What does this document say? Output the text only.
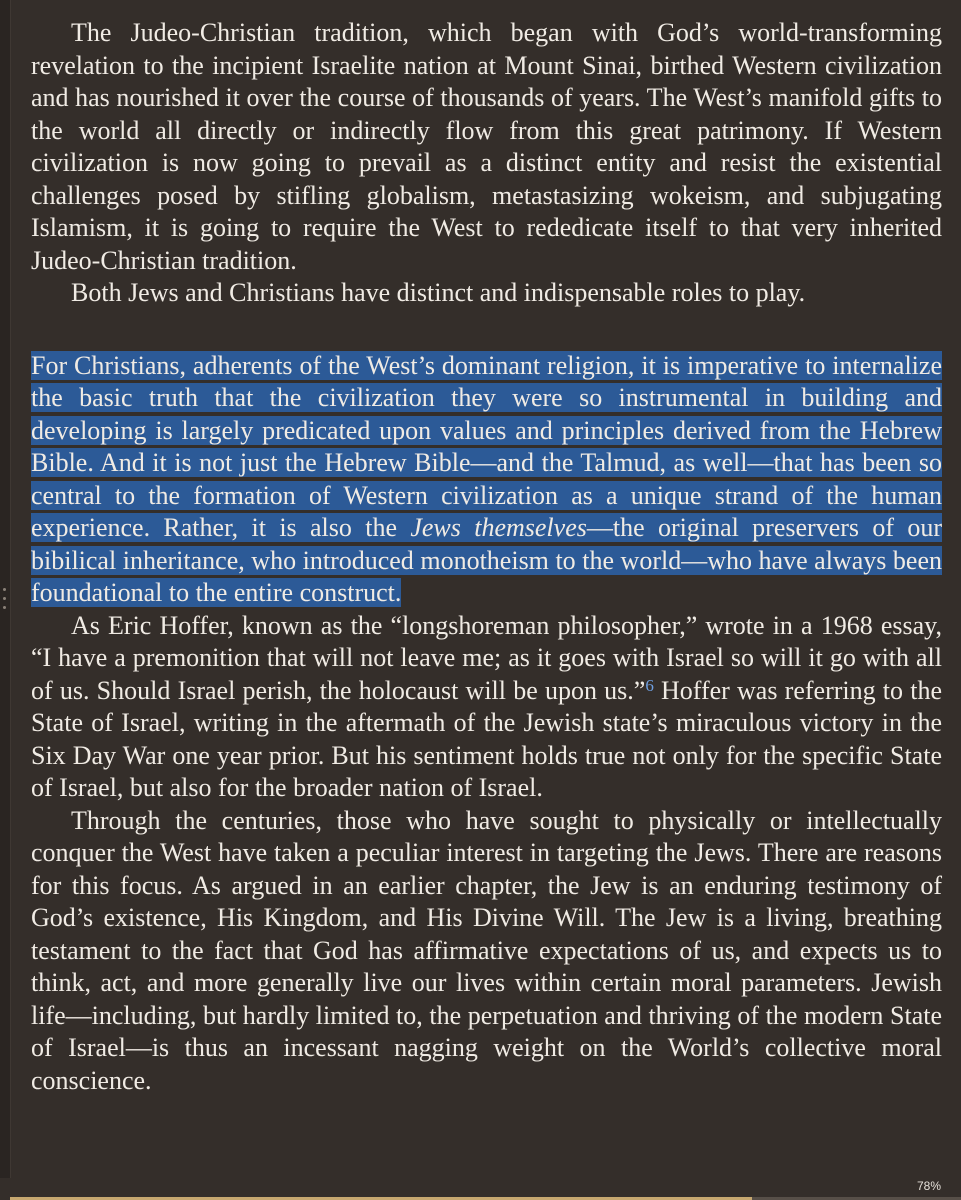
The Judeo-Christian tradition, which began with God’s world-transforming revelation to the incipient Israelite nation at Mount Sinai, birthed Western civilization and has nourished it over the course of thousands of years. The West’s manifold gifts to the world all directly or indirectly flow from this great patrimony. If Western civilization is now going to prevail as a distinct entity and resist the existential challenges posed by stifling globalism, metastasizing wokeism, and subjugating Islamism, it is going to require the West to rededicate itself to that very inherited Judeo-Christian tradition.

Both Jews and Christians have distinct and indispensable roles to play.

For Christians, adherents of the West’s dominant religion, it is imperative to internalize the basic truth that the civilization they were so instrumental in building and developing is largely predicated upon values and principles derived from the Hebrew Bible. And it is not just the Hebrew Bible—and the Talmud, as well—that has been so central to the formation of Western civilization as a unique strand of the human experience. Rather, it is also the Jews themselves—the original preservers of our bibilical inheritance, who introduced monotheism to the world—who have always been foundational to the entire construct.

As Eric Hoffer, known as the “longshoreman philosopher,” wrote in a 1968 essay, “I have a premonition that will not leave me; as it goes with Israel so will it go with all of us. Should Israel perish, the holocaust will be upon us.”$^6$ Hoffer was referring to the State of Israel, writing in the aftermath of the Jewish state’s miraculous victory in the Six Day War one year prior. But his sentiment holds true not only for the specific State of Israel, but also for the broader nation of Israel.

Through the centuries, those who have sought to physically or intellectually conquer the West have taken a peculiar interest in targeting the Jews. There are reasons for this focus. As argued in an earlier chapter, the Jew is an enduring testimony of God’s existence, His Kingdom, and His Divine Will. The Jew is a living, breathing testament to the fact that God has affirmative expectations of us, and expects us to think, act, and more generally live our lives within certain moral parameters. Jewish life—including, but hardly limited to, the perpetuation and thriving of the modern State of Israel—is thus an incessant nagging weight on the World’s collective moral conscience.

78%
